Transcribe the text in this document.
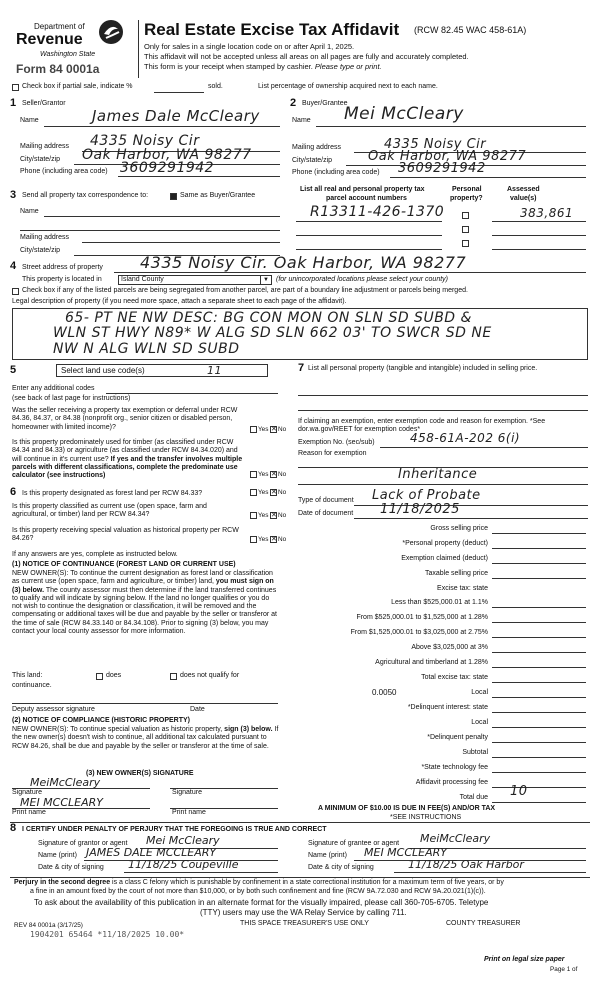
Department of
Revenue
Washington State
Form 84 0001a
Real Estate Excise Tax Affidavit (RCW 82.45 WAC 458-61A)
Only for sales in a single location code on or after April 1, 2025.
This affidavit will not be accepted unless all areas on all pages are fully and accurately completed.
This form is your receipt when stamped by cashier. Please type or print.
Check box if partial sale, indicate %	sold.	List percentage of ownership acquired next to each name.
1 Seller/Grantor
Name	James Dale McCleary
Mailing address 4335 Noisy Cir
City/state/zip Oak Harbor, WA 98277
Phone (including area code) 3609291942
2 Buyer/Grantee
Name Mei McCleary
Mailing address	4335 Noisy Cir
City/state/zip	Oak Harbor, WA 98277
Phone (including area code) 3609291942
3 Send all property tax correspondence to:	Same as Buyer/Grantee
Name
Mailing address
City/state/zip
List all real and personal property tax
parcel account numbers
Personal
property?
Assessed
value(s)
R13311-426-1370	383,861
4 Street address of property 4335 Noisy Cir. Oak Harbor, WA 98277
This property is located in	Island County	▼ (for unincorporated locations please select your county)
Check box if any of the listed parcels are being segregated from another parcel, are part of a boundary line adjustment or parcels being merged.
Legal description of property (if you need more space, attach a separate sheet to each page of the affidavit).
65- PT NE NW DESC: BG CON MON ON SLN SD SUBD &
WLN ST HWY N89* W ALG SD SLN 662 03' TO SWCR SD NE
NW N ALG WLN SD SUBD
5	Select land use code(s)	11
Enter any additional codes
(see back of last page for instructions)
Was the seller receiving a property tax exemption or deferral under RCW 84.36, 84.37, or 84.38 (nonprofit org., senior citizen or disabled person, homeowner with limited income)?	Yes ✕ No
Is this property predominately used for timber (as classified under RCW 84.34 and 84.33) or agriculture (as classified under RCW 84.34.020) and will continue in it's current use? If yes and the transfer involves multiple parcels with different classifications, complete the predominate use calculator (see instructions)	Yes ✕ No
6 Is this property designated as forest land per RCW 84.33?	Yes ✕ No
Is this property classified as current use (open space, farm and agricultural, or timber) land per RCW 84.34?	Yes ✕ No
Is this property receiving special valuation as historical property per RCW 84.26?	Yes ✕ No
If any answers are yes, complete as instructed below.
(1) NOTICE OF CONTINUANCE (FOREST LAND OR CURRENT USE)
NEW OWNER(S): To continue the current designation as forest land or classification as current use (open space, farm and agriculture, or timber) land, you must sign on (3) below. The county assessor must then determine if the land transferred continues to qualify and will indicate by signing below. If the land no longer qualifies or you do not wish to continue the designation or classification, it will be removed and the compensating or additional taxes will be due and payable by the seller or transferor at the time of sale (RCW 84.33.140 or 84.34.108). Prior to signing (3) below, you may contact your local county assessor for more information.
This land:	does	does not qualify for
continuance.
Deputy assessor signature	Date
(2) NOTICE OF COMPLIANCE (HISTORIC PROPERTY)
NEW OWNER(S): To continue special valuation as historic property, sign (3) below. If the new owner(s) doesn't wish to continue, all additional tax calculated pursuant to RCW 84.26, shall be due and payable by the seller or transferor at the time of sale.
(3) NEW OWNER(S) SIGNATURE
MeiMcCleary
Signature	Signature
MEI MCCLEARY
Print name	Print name
7 List all personal property (tangible and intangible) included in selling price.
If claiming an exemption, enter exemption code and reason for exemption. *See dor.wa.gov/REET for exemption codes*
Exemption No. (sec/sub)	458-61A-202 6(i)
Reason for exemption
Inheritance
Type of document Lack of Probate
Date of document 11/18/2025
Gross selling price
*Personal property (deduct)
Exemption claimed (deduct)
Taxable selling price
Excise tax: state
Less than $525,000.01 at 1.1%
From $525,000.01 to $1,525,000 at 1.28%
From $1,525,000.01 to $3,025,000 at 2.75%
Above $3,025,000 at 3%
Agricultural and timberland at 1.28%
Total excise tax: state
0.0050	Local
*Delinquent interest: state
Local
*Delinquent penalty
Subtotal
*State technology fee
Affidavit processing fee
Total due 10
A MINIMUM OF $10.00 IS DUE IN FEE(S) AND/OR TAX
*SEE INSTRUCTIONS
8 I CERTIFY UNDER PENALTY OF PERJURY THAT THE FOREGOING IS TRUE AND CORRECT
Signature of grantor or agent Mei McCleary
Name (print) JAMES DALE MCCLEARY
Date & city of signing 11/18/25 Coupeville
Signature of grantee or agent MeiMcCleary
Name (print) MEI MCCLEARY
Date & city of signing	11/18/25 Oak Harbor
Perjury in the second degree is a class C felony which is punishable by confinement in a state correctional institution for a maximum term of five years, or by
a fine in an amount fixed by the court of not more than $10,000, or by both such confinement and fine (RCW 9A.72.030 and RCW 9A.20.021(1)(c)).
To ask about the availability of this publication in an alternate format for the visually impaired, please call 360-705-6705. Teletype
(TTY) users may use the WA Relay Service by calling 711.
REV 84 0001a (3/17/25)
1904201 65464 *11/18/2025 10.00*
THIS SPACE TREASURER'S USE ONLY	COUNTY TREASURER
Print on legal size paper
Page 1 of
